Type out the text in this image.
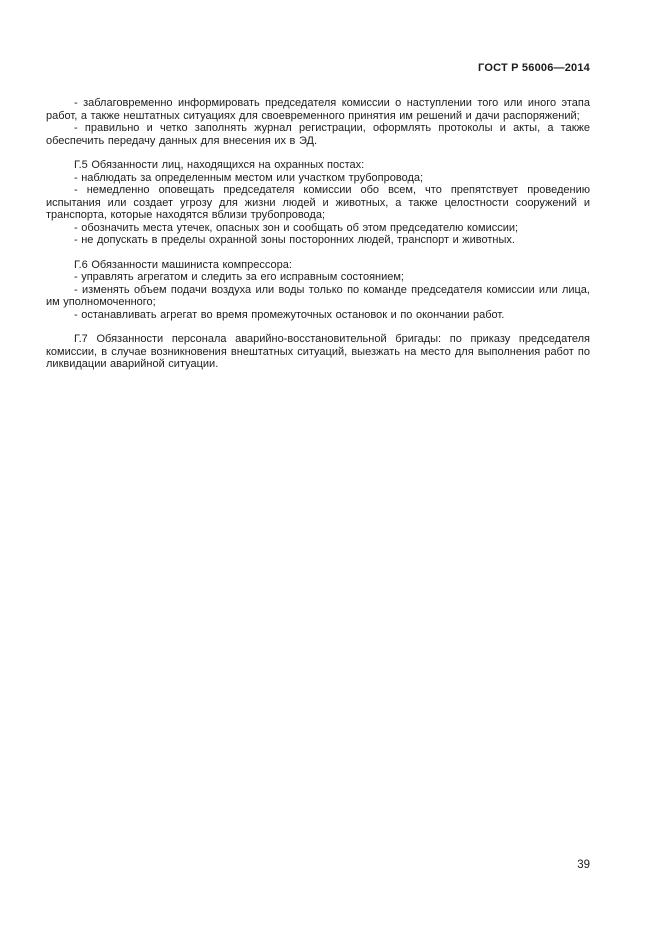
ГОСТ Р 56006—2014

- заблаговременно информировать председателя комиссии о наступлении того или иного этапа работ, а также нештатных ситуациях для своевременного принятия им решений и дачи распоряжений;

- правильно и четко заполнять журнал регистрации, оформлять протоколы и акты, а также обеспечить передачу данных для внесения их в ЭД.

Г.5 Обязанности лиц, находящихся на охранных постах:

- наблюдать за определенным местом или участком трубопровода;

- немедленно оповещать председателя комиссии обо всем, что препятствует проведению испытания или создает угрозу для жизни людей и животных, а также целостности сооружений и транспорта, которые находятся вблизи трубопровода;

- обозначить места утечек, опасных зон и сообщать об этом председателю комиссии;

- не допускать в пределы охранной зоны посторонних людей, транспорт и животных.

Г.6 Обязанности машиниста компрессора:

- управлять агрегатом и следить за его исправным состоянием;

- изменять объем подачи воздуха или воды только по команде председателя комиссии или лица, им уполномоченного;

- останавливать агрегат во время промежуточных остановок и по окончании работ.

Г.7 Обязанности персонала аварийно-восстановительной бригады: по приказу председателя комиссии, в случае возникновения внештатных ситуаций, выезжать на место для выполнения работ по ликвидации аварийной ситуации.

39
